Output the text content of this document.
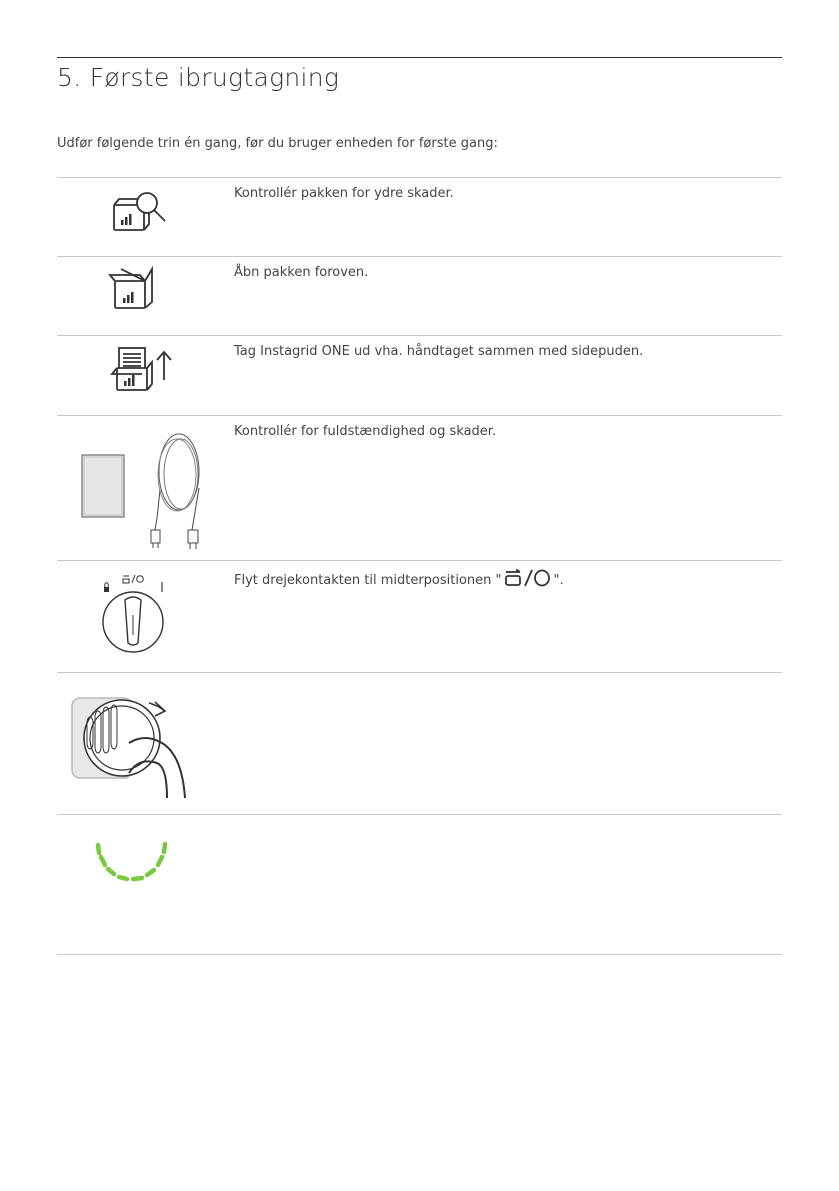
5. Første ibrugtagning
Udfør følgende trin én gang, før du bruger enheden for første gang:
Kontrollér pakken for ydre skader.
Åbn pakken foroven.
Tag Instagrid ONE ud vha. håndtaget sammen med sidepuden.
Kontrollér for fuldstændighed og skader.
Flyt drejekontakten til midterpositionen "	".
